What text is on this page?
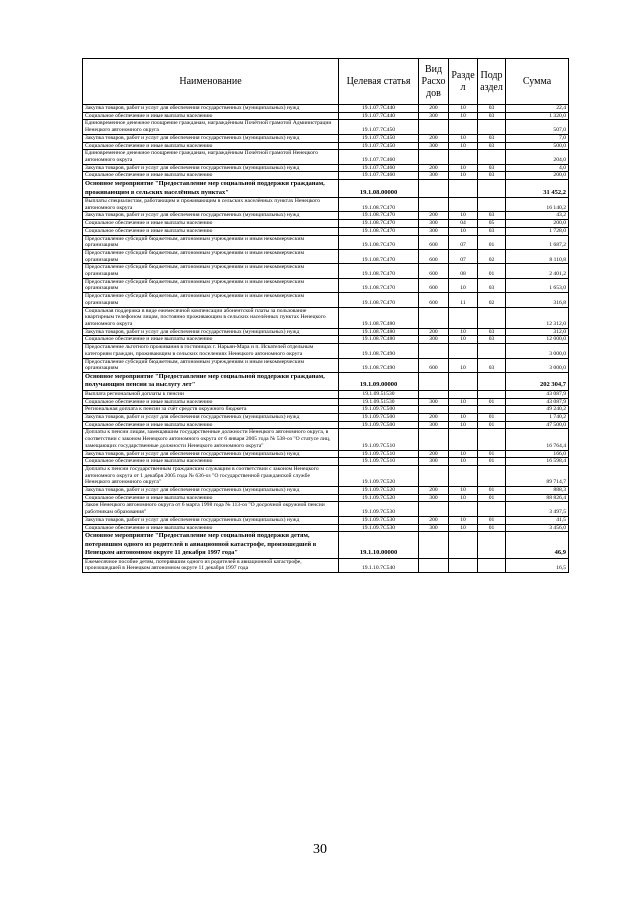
Наименование	Целевая статья	Вид Расхо дов	Разде л	Подр аздел	Сумма
Закупка товаров, работ и услуг для обеспечения государственных (муниципальных) нужд	19.1.07.7С440	200	10	03	22,4
Социальное обеспечение и иные выплаты населению	19.1.07.7С440	300	10	03	1 320,0
Единовременное денежное поощрение гражданам, награждённым Почётной грамотой Администрации Ненецкого автономного округа	19.1.07.7С450				507,0
Закупка товаров, работ и услуг для обеспечения государственных (муниципальных) нужд	19.1.07.7С450	200	10	03	7,0
Социальное обеспечение и иные выплаты населению	19.1.07.7С450	300	10	03	500,0
Единовременное денежное поощрение гражданам, награждённым Почётной грамотой Ненецкого автономного округа	19.1.07.7С460				204,0
Закупка товаров, работ и услуг для обеспечения государственных (муниципальных) нужд	19.1.07.7С460	200	10	03	4,0
Социальное обеспечение и иные выплаты населению	19.1.07.7С460	300	10	03	200,0
Основное мероприятие "Предоставление мер социальной поддержки гражданам, проживающим в сельских населённых пунктах"	19.1.08.00000				31 452,2
Выплаты специалистам, работающим и проживающим в сельских населённых пунктах Ненецкого автономного округа	19.1.08.7С470				16 140,2
Закупка товаров, работ и услуг для обеспечения государственных (муниципальных) нужд	19.1.08.7С470	200	10	03	43,2
Социальное обеспечение и иные выплаты населению	19.1.08.7С470	300	04	05	200,0
Социальное обеспечение и иные выплаты населению	19.1.08.7С470	300	10	03	1 728,0
Предоставление субсидий бюджетным, автономным учреждениям и иным некоммерческим организациям	19.1.08.7С470	600	07	01	1 687,2
Предоставление субсидий бюджетным, автономным учреждениям и иным некоммерческим организациям	19.1.08.7С470	600	07	02	8 110,8
Предоставление субсидий бюджетным, автономным учреждениям и иным некоммерческим организациям	19.1.08.7С470	600	08	01	2 401,2
Предоставление субсидий бюджетным, автономным учреждениям и иным некоммерческим организациям	19.1.08.7С470	600	10	03	1 653,0
Предоставление субсидий бюджетным, автономным учреждениям и иным некоммерческим организациям	19.1.08.7С470	600	11	02	316,8
Социальная поддержка в виде ежемесячной компенсации абонентской платы за пользование квартирным телефоном лицам, постоянно проживающим в сельских населённых пунктах Ненецкого автономного округа	19.1.08.7С480				12 312,0
Закупка товаров, работ и услуг для обеспечения государственных (муниципальных) нужд	19.1.08.7С480	200	10	03	312,0
Социальное обеспечение и иные выплаты населению	19.1.08.7С480	300	10	03	12 000,0
Предоставление льготного проживания в гостиницах г. Нарьян-Мара и п. Искателей отдельным категориям граждан, проживающим в сельских поселениях Ненецкого автономного округа	19.1.08.7С490				3 000,0
Предоставление субсидий бюджетным, автономным учреждениям и иным некоммерческим организациям	19.1.08.7С490	600	10	03	3 000,0
Основное мероприятие "Предоставление мер социальной поддержки гражданам, получающим пенсии за выслугу лет"	19.1.09.00000				202 304,7
Выплата региональной доплаты к пенсии	19.1.09.51530				43 087,9
Социальное обеспечение и иные выплаты населению	19.1.09.51530	300	10	01	43 087,9
Региональная доплата к пенсии за счёт средств окружного бюджета	19.1.09.7С500				49 240,2
Закупка товаров, работ и услуг для обеспечения государственных (муниципальных) нужд	19.1.09.7С500	200	10	01	1 740,2
Социальное обеспечение и иные выплаты населению	19.1.09.7С500	300	10	01	47 500,0
Доплаты к пенсии лицам, замещавшим государственные должности Ненецкого автономного округа, в соответствии с законом Ненецкого автономного округа от 6 января 2005 года № 538-оз "О статусе лиц, замещающих государственные должности Ненецкого автономного округа"	19.1.09.7С510				16 764,4
Закупка товаров, работ и услуг для обеспечения государственных (муниципальных) нужд	19.1.09.7С510	200	10	01	166,0
Социальное обеспечение и иные выплаты населению	19.1.09.7С510	300	10	01	16 598,4
Доплаты к пенсии государственным гражданским служащим в соответствии с законом Ненецкого автономного округа от 1 декабря 2005 года № 636-оз "О государственной гражданской службе Ненецкого автономного округа"	19.1.09.7С520				89 714,7
Закупка товаров, работ и услуг для обеспечения государственных (муниципальных) нужд	19.1.09.7С520	200	10	01	888,3
Социальное обеспечение и иные выплаты населению	19.1.09.7С520	300	10	01	88 826,4
Закон Ненецкого автономного округа от 6 марта 1998 года № 113-оз "О досрочной окружной пенсии работникам образования"	19.1.09.7С530				3 497,5
Закупка товаров, работ и услуг для обеспечения государственных (муниципальных) нужд	19.1.09.7С530	200	10	01	41,5
Социальное обеспечение и иные выплаты населению	19.1.09.7С530	300	10	01	3 456,0
Основное мероприятие "Предоставление мер социальной поддержки детям, потерявшим одного из родителей в авиационной катастрофе, произошедшей в Ненецком автономном округе 11 декабря 1997 года"	19.1.10.00000				46,9
Ежемесячное пособие детям, потерявшим одного из родителей в авиационной катастрофе, произошедшей в Ненецком автономном округе 11 декабря 1997 года	19.1.10.7С540				16,5
30
